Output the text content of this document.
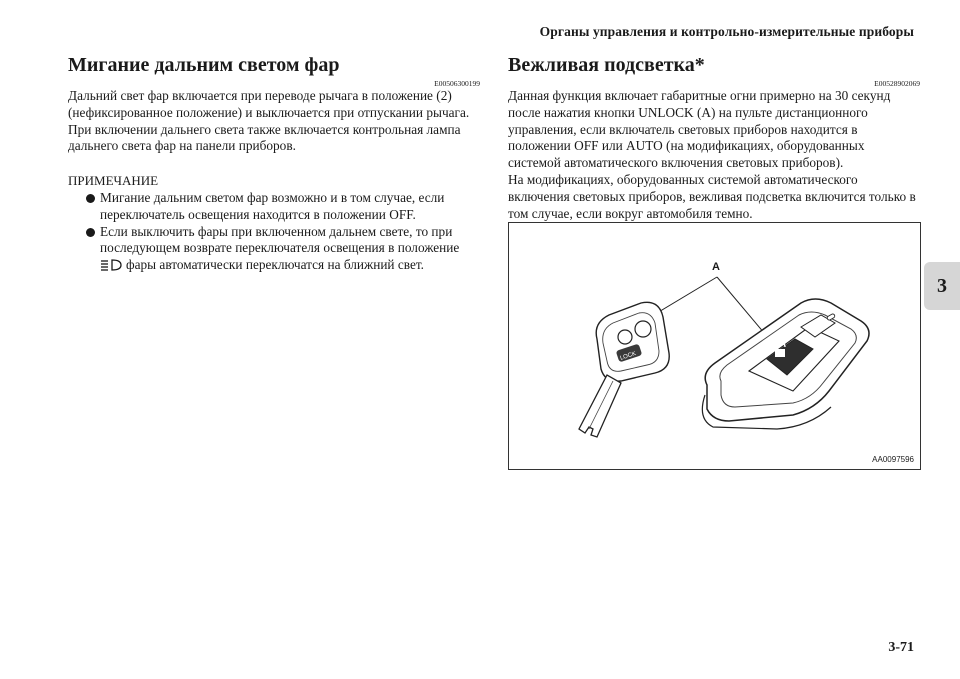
Органы управления и контрольно-измерительные приборы
3
Мигание дальним светом фар
E00506300199

Дальний свет фар включается при переводе рычага в положение (2) (нефиксированное положение) и выключается при отпускании рычага.

При включении дальнего света также включается контрольная лампа дальнего света фар на панели приборов.

ПРИМЕЧАНИЕ
Мигание дальним светом фар возможно и в том случае, если переключатель освещения находится в положении OFF.
Если выключить фары при включенном дальнем свете, то при последующем возврате переключателя освещения в положение
фары автоматически переключатся на ближний свет.
Вежливая подсветка*
E00528902069

Данная функция включает габаритные огни примерно на 30 секунд после нажатия кнопки UNLOCK (A) на пульте дистанционного управления, если включатель световых приборов находится в положении OFF или AUTO (на модификациях, оборудованных системой автоматического включения световых приборов).

На модификациях, оборудованных системой автоматического включения световых приборов, вежливая подсветка включится только в том случае, если вокруг автомобиля темно.

LOCK
A
AA0097596
3-71
